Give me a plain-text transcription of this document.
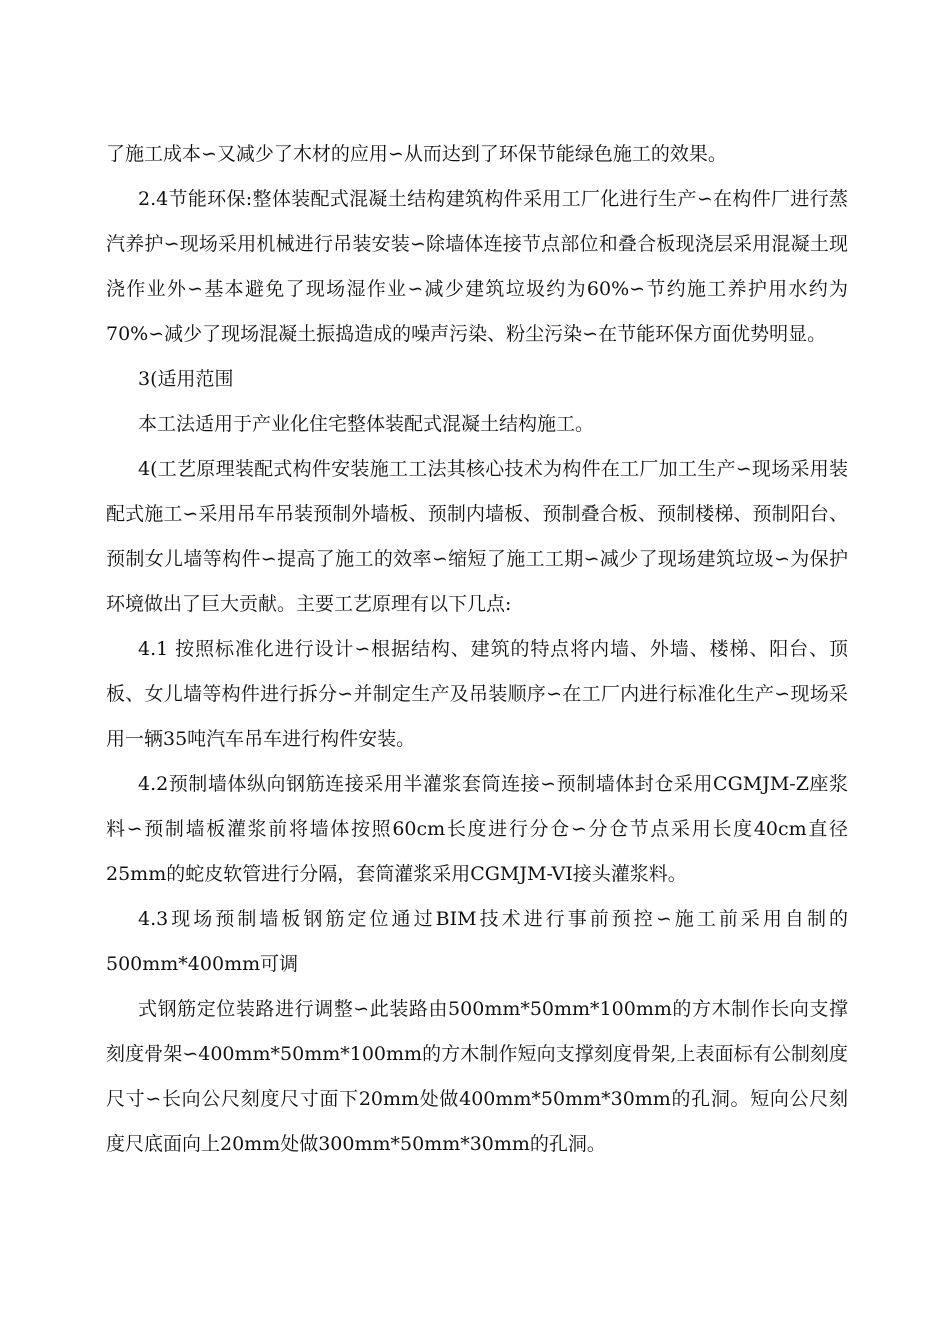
了施工成本∽又减少了木材的应用∽从而达到了环保节能绿色施工的效果。

2.4节能环保:整体装配式混凝土结构建筑构件采用工厂化进行生产∽在构件厂进行蒸汽养护∽现场采用机械进行吊装安装∽除墙体连接节点部位和叠合板现浇层采用混凝土现浇作业外∽基本避免了现场湿作业∽减少建筑垃圾约为60%∽节约施工养护用水约为70%∽减少了现场混凝土振捣造成的噪声污染、粉尘污染∽在节能环保方面优势明显。

3(适用范围

本工法适用于产业化住宅整体装配式混凝土结构施工。

4(工艺原理装配式构件安装施工工法其核心技术为构件在工厂加工生产∽现场采用装配式施工∽采用吊车吊装预制外墙板、预制内墙板、预制叠合板、预制楼梯、预制阳台、预制女儿墙等构件∽提高了施工的效率∽缩短了施工工期∽减少了现场建筑垃圾∽为保护环境做出了巨大贡献。主要工艺原理有以下几点:

4.1 按照标准化进行设计∽根据结构、建筑的特点将内墙、外墙、楼梯、阳台、顶板、女儿墙等构件进行拆分∽并制定生产及吊装顺序∽在工厂内进行标准化生产∽现场采用一辆35吨汽车吊车进行构件安装。

4.2预制墙体纵向钢筋连接采用半灌浆套筒连接∽预制墙体封仓采用CGMJM-Z座浆料∽预制墙板灌浆前将墙体按照60cm长度进行分仓∽分仓节点采用长度40cm直径25mm的蛇皮软管进行分隔，套筒灌浆采用CGMJM-VI接头灌浆料。

4.3现场预制墙板钢筋定位通过BIM技术进行事前预控∽施工前采用自制的500mm*400mm可调

式钢筋定位装路进行调整∽此装路由500mm*50mm*100mm的方木制作长向支撑刻度骨架∽400mm*50mm*100mm的方木制作短向支撑刻度骨架,上表面标有公制刻度尺寸∽长向公尺刻度尺寸面下20mm处做400mm*50mm*30mm的孔洞。短向公尺刻度尺底面向上20mm处做300mm*50mm*30mm的孔洞。
